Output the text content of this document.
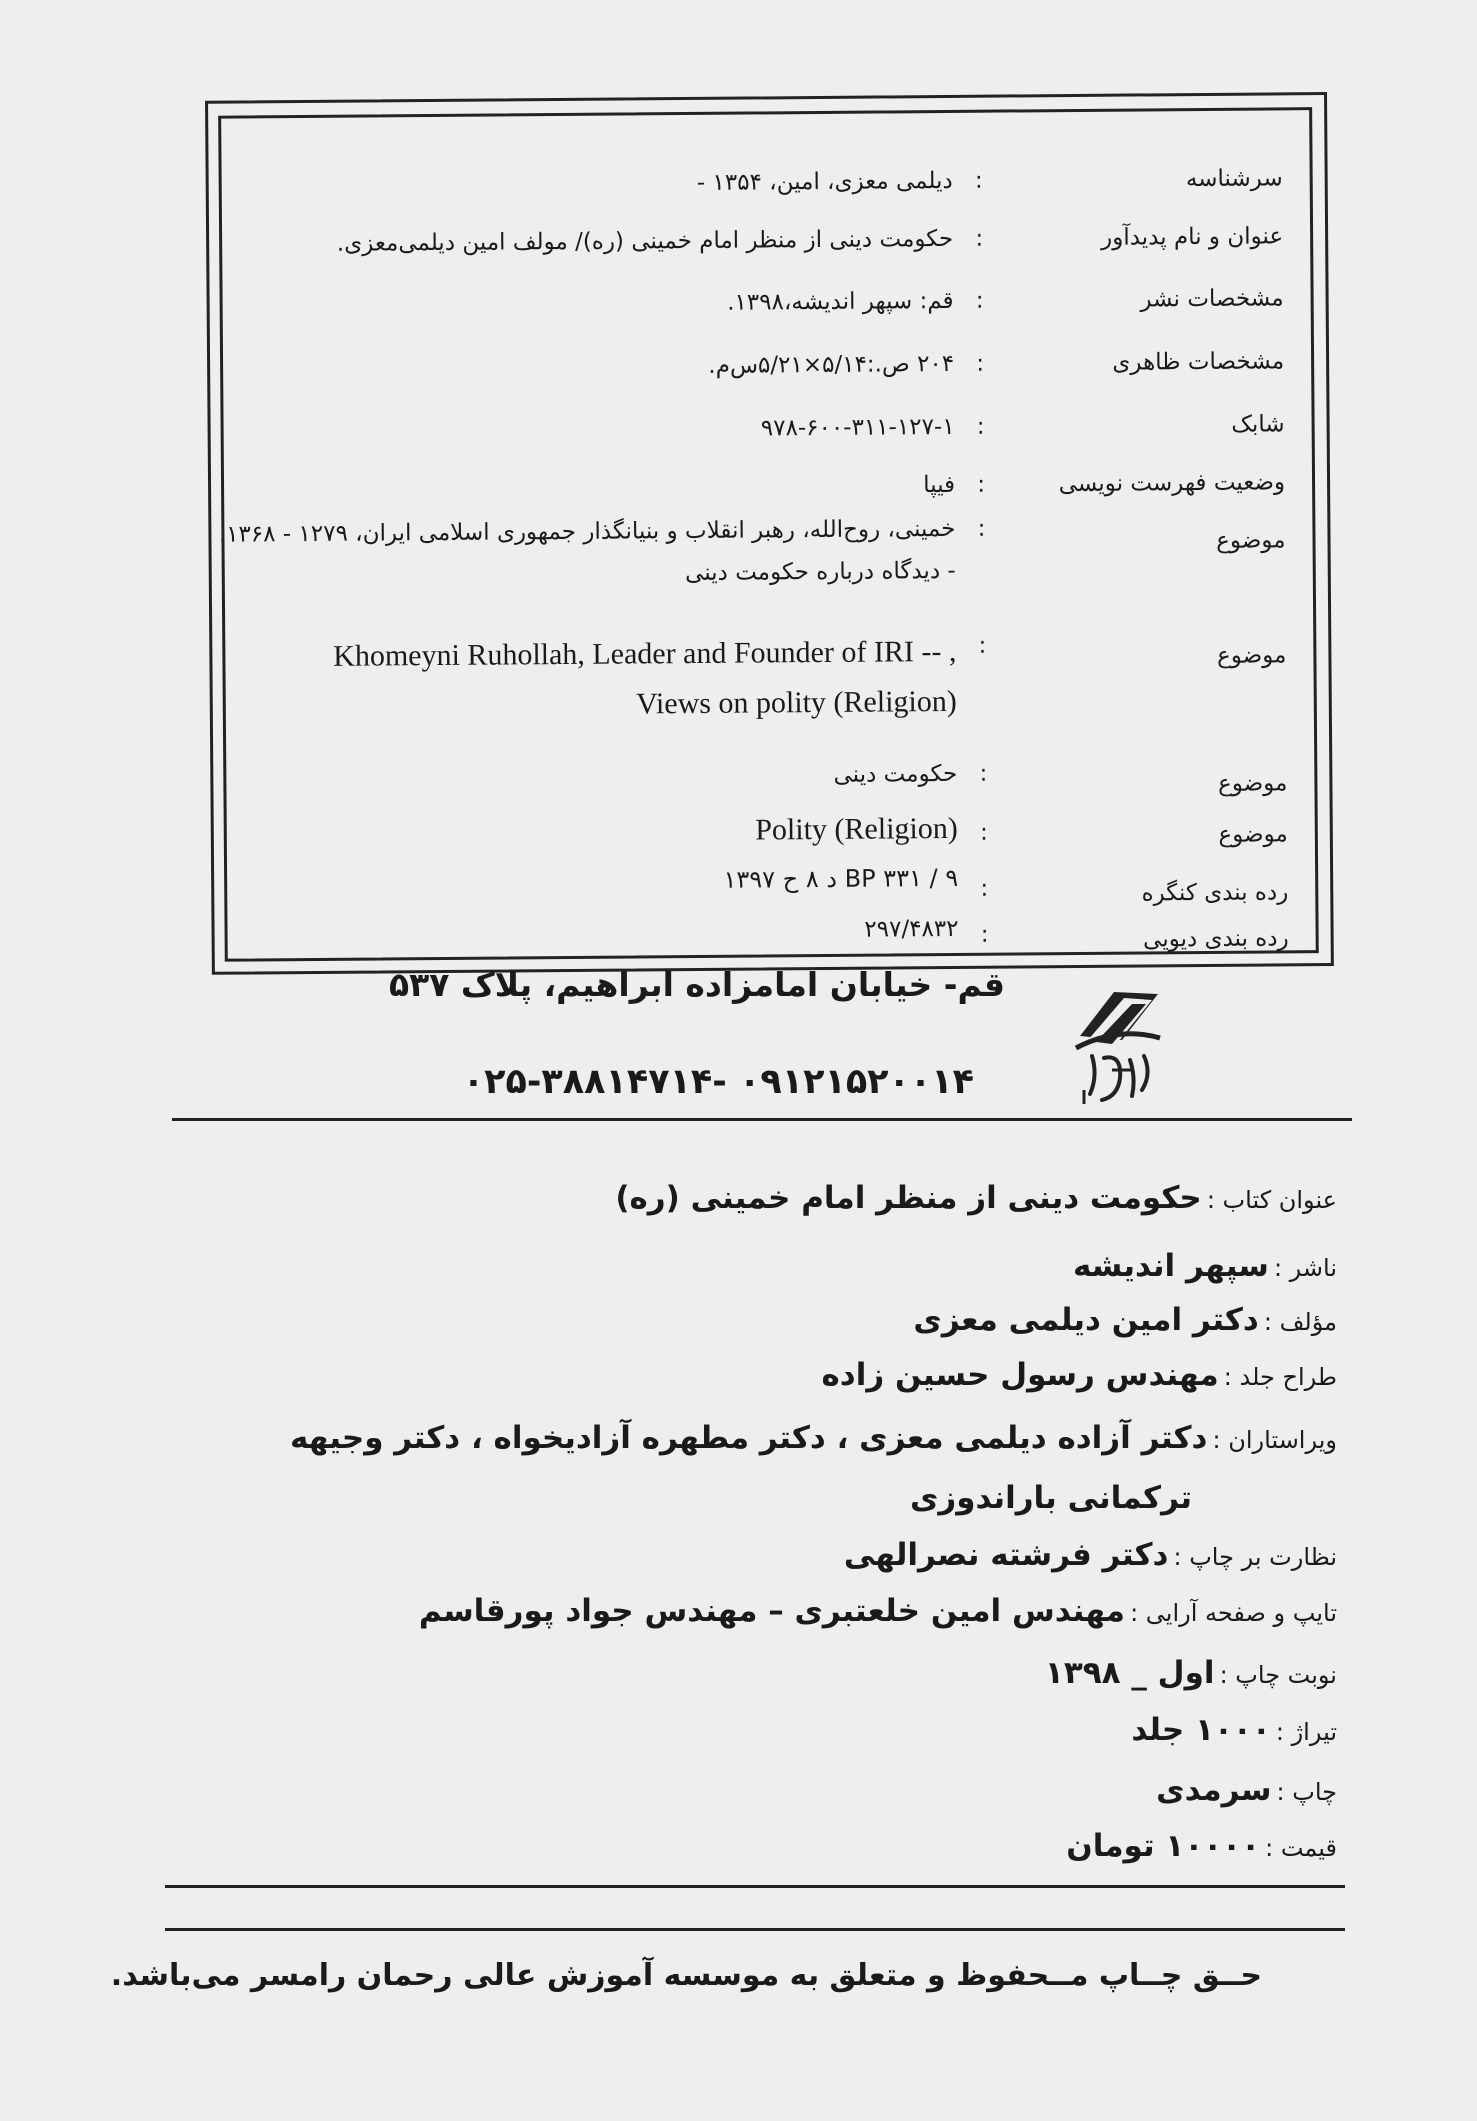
سرشناسه
:
دیلمی معزی، امین، ۱۳۵۴ -
عنوان و نام پدیدآور
:
حکومت دینی از منظر امام خمینی (ره)/ مولف امین دیلمی‌معزی.
مشخصات نشر
:
قم: سپهر اندیشه،۱۳۹۸.
مشخصات ظاهری
:
۲۰۴ ص.:۵/۱۴×۵/۲۱س‌م.
شابک
:
۹۷۸-۶۰۰-۳۱۱-۱۲۷-۱
وضعیت فهرست نویسی
:
فیپا
موضوع
:
خمینی، روح‌الله، رهبر انقلاب و بنیانگذار جمهوری اسلامی ایران، ۱۲۷۹ - ۱۳۶۸.
- دیدگاه درباره حکومت دینی
موضوع
:
Khomeyni Ruhollah, Leader and Founder of IRI -- ,
Views on polity (Religion)
موضوع
:
حکومت دینی
موضوع
:
Polity (Religion)
رده بندی کنگره
:
BP ۳۳۱ / ۹ د ۸ ح ۱۳۹۷
رده بندی دیویی
:
۲۹۷/۴۸۳۲
قم- خیابان امامزاده ابراهیم، پلاک ۵۳۷
۰۲۵-۳۸۸۱۴۷۱۴- ۰۹۱۲۱۵۲۰۰۱۴
عنوان کتاب : حکومت دینی از منظر امام خمینی (ره)
ناشر : سپهر اندیشه
مؤلف : دکتر امین دیلمی معزی
طراح جلد : مهندس رسول حسین زاده
ویراستاران : دکتر آزاده دیلمی معزی ، دکتر مطهره آزادیخواه ، دکتر وجیهه
ترکمانی باراندوزی
نظارت بر چاپ : دکتر فرشته نصرالهی
تایپ و صفحه آرایی : مهندس امین خلعتبری – مهندس جواد پورقاسم
نوبت چاپ : اول _ ۱۳۹۸
تیراژ : ۱۰۰۰ جلد
چاپ : سرمدی
قیمت : ۱۰۰۰۰ تومان
حــق چــاپ مــحفوظ و متعلق به موسسه آموزش عالی رحمان رامسر می‌باشد.
